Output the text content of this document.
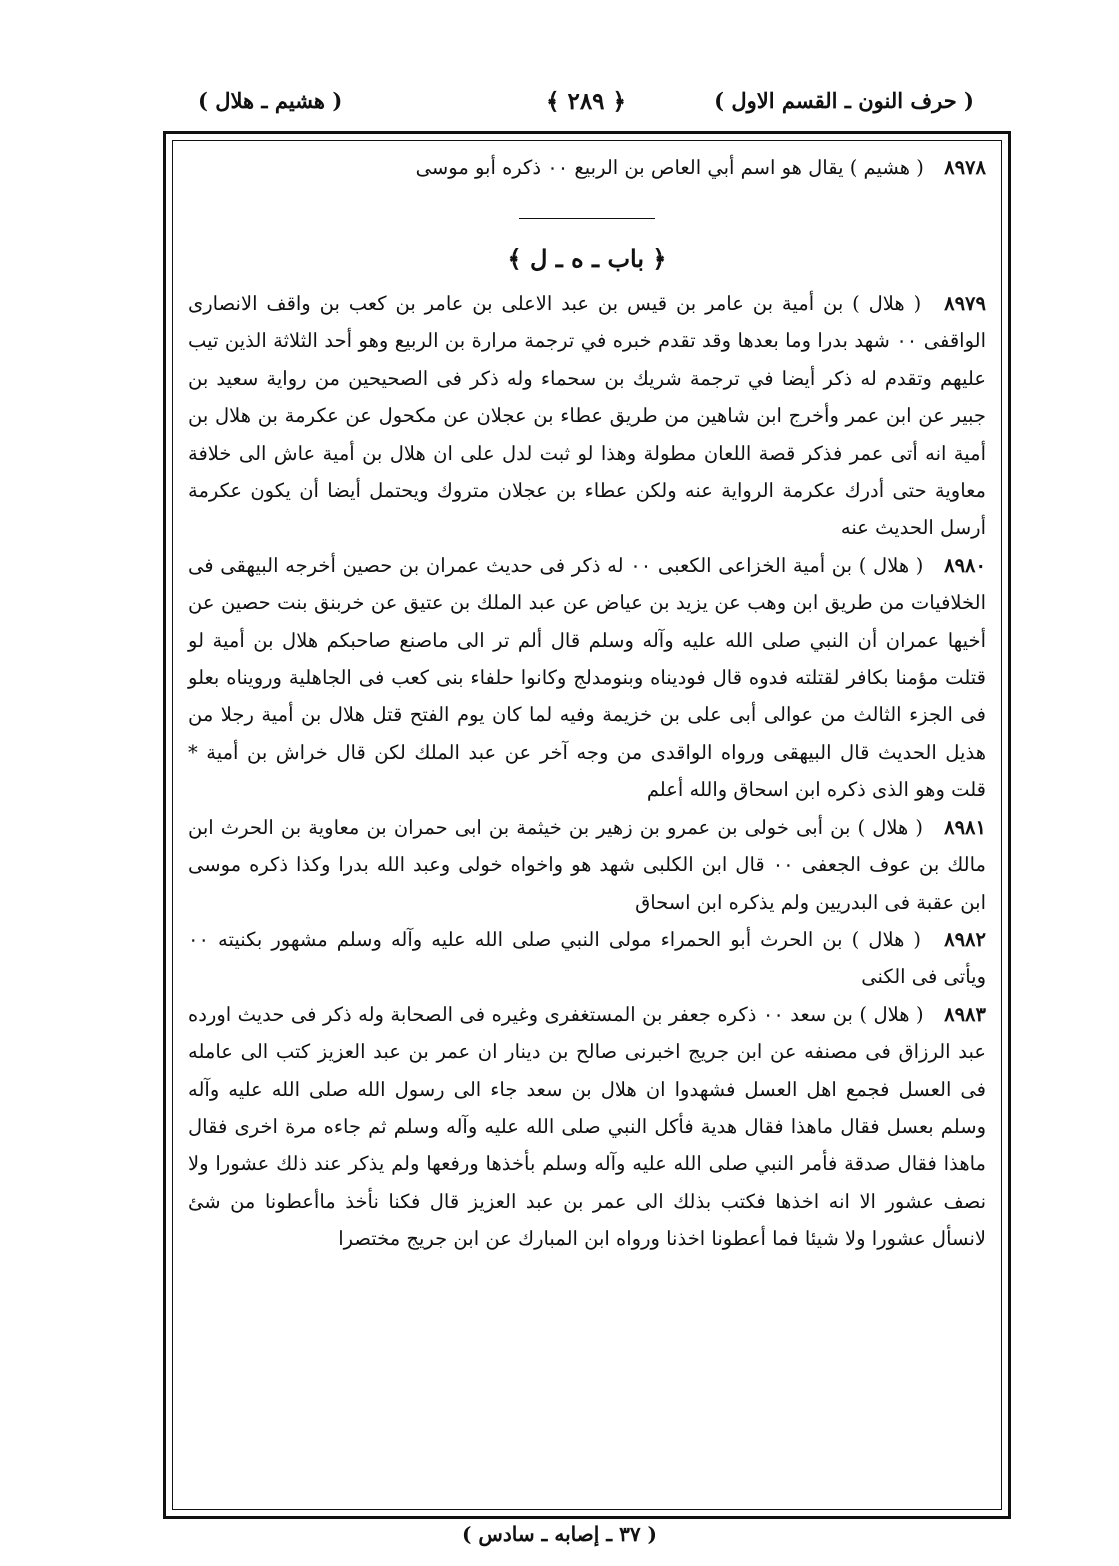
( حرف النون ـ القسم الاول )
﴿ ٢٨٩ ﴾
( هشيم ـ هلال )

٨٩٧٨ ( هشيم ) يقال هو اسم أبي العاص بن الربيع ٠٠ ذكره أبو موسى

﴿ باب ـ ه ـ ل ﴾

٨٩٧٩ ( هلال ) بن أمية بن عامر بن قيس بن عبد الاعلى بن عامر بن كعب بن واقف الانصارى الواقفى ٠٠ شهد بدرا وما بعدها وقد تقدم خبره في ترجمة مرارة بن الربيع وهو أحد الثلاثة الذين تيب عليهم وتقدم له ذكر أيضا في ترجمة شريك بن سحماء وله ذكر فى الصحيحين من رواية سعيد بن جبير عن ابن عمر وأخرج ابن شاهين من طريق عطاء بن عجلان عن مكحول عن عكرمة بن هلال بن أمية انه أتى عمر فذكر قصة اللعان مطولة وهذا لو ثبت لدل على ان هلال بن أمية عاش الى خلافة معاوية حتى أدرك عكرمة الرواية عنه ولكن عطاء بن عجلان متروك ويحتمل أيضا أن يكون عكرمة أرسل الحديث عنه

٨٩٨٠ ( هلال ) بن أمية الخزاعى الكعبى ٠٠ له ذكر فى حديث عمران بن حصين أخرجه البيهقى فى الخلافيات من طريق ابن وهب عن يزيد بن عياض عن عبد الملك بن عتيق عن خربنق بنت حصين عن أخيها عمران أن النبي صلى الله عليه وآله وسلم قال ألم تر الى ماصنع صاحبكم هلال بن أمية لو قتلت مؤمنا بكافر لقتلته فدوه قال فوديناه وبنومدلج وكانوا حلفاء بنى كعب فى الجاهلية ورويناه بعلو فى الجزء الثالث من عوالى أبى على بن خزيمة وفيه لما كان يوم الفتح قتل هلال بن أمية رجلا من هذيل الحديث قال البيهقى ورواه الواقدى من وجه آخر عن عبد الملك لكن قال خراش بن أمية * قلت وهو الذى ذكره ابن اسحاق والله أعلم

٨٩٨١ ( هلال ) بن أبى خولى بن عمرو بن زهير بن خيثمة بن ابى حمران بن معاوية بن الحرث ابن مالك بن عوف الجعفى ٠٠ قال ابن الكلبى شهد هو واخواه خولى وعبد الله بدرا وكذا ذكره موسى ابن عقبة فى البدريين ولم يذكره ابن اسحاق

٨٩٨٢ ( هلال ) بن الحرث أبو الحمراء مولى النبي صلى الله عليه وآله وسلم مشهور بكنيته ٠٠ ويأتى فى الكنى

٨٩٨٣ ( هلال ) بن سعد ٠٠ ذكره جعفر بن المستغفرى وغيره فى الصحابة وله ذكر فى حديث اورده عبد الرزاق فى مصنفه عن ابن جريج اخبرنى صالح بن دينار ان عمر بن عبد العزيز كتب الى عامله فى العسل فجمع اهل العسل فشهدوا ان هلال بن سعد جاء الى رسول الله صلى الله عليه وآله وسلم بعسل فقال ماهذا فقال هدية فأكل النبي صلى الله عليه وآله وسلم ثم جاءه مرة اخرى فقال ماهذا فقال صدقة فأمر النبي صلى الله عليه وآله وسلم بأخذها ورفعها ولم يذكر عند ذلك عشورا ولا نصف عشور الا انه اخذها فكتب بذلك الى عمر بن عبد العزيز قال فكنا نأخذ ماأعطونا من شئ لانسأل عشورا ولا شيئا فما أعطونا اخذنا ورواه ابن المبارك عن ابن جريج مختصرا

( ٣٧ ـ إصابه ـ سادس )
